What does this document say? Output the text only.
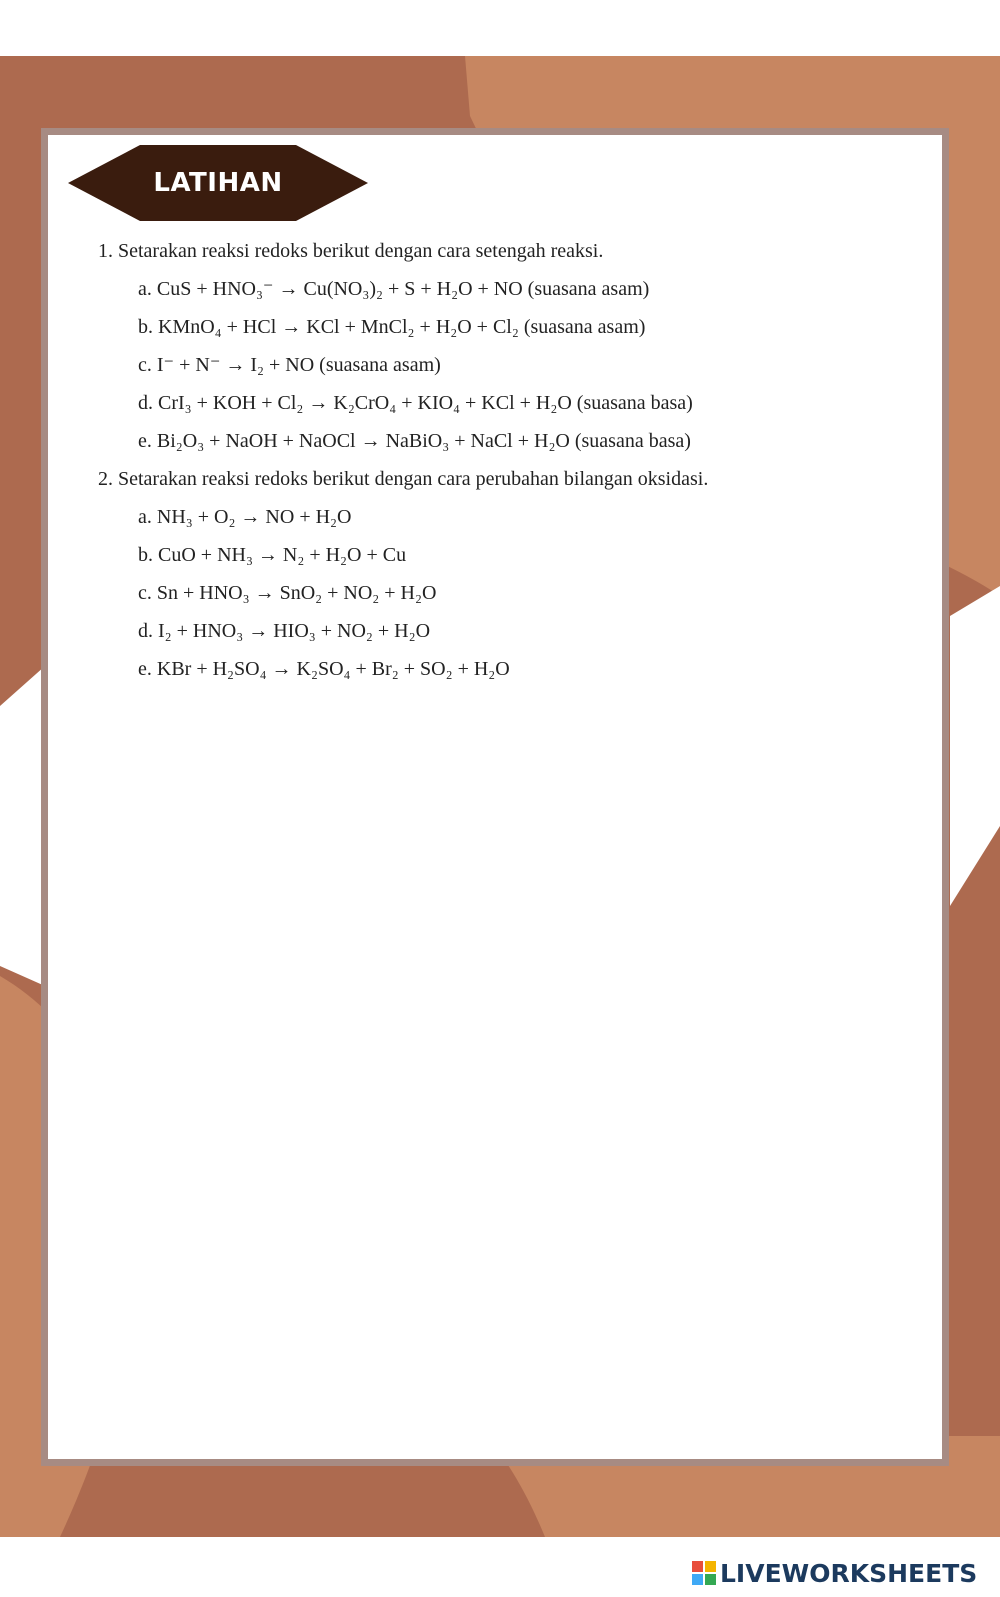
LATIHAN

1. Setarakan reaksi redoks berikut dengan cara setengah reaksi.

a. CuS + HNO₃⁻ → Cu(NO₃)₂ + S + H₂O + NO (suasana asam)
b. KMnO₄ + HCl → KCl + MnCl₂ + H₂O + Cl₂ (suasana asam)
c. I⁻ + N⁻ → I₂ + NO (suasana asam)
d. CrI₃ + KOH + Cl₂ → K₂CrO₄ + KIO₄ + KCl + H₂O (suasana basa)
e. Bi₂O₃ + NaOH + NaOCl → NaBiO₃ + NaCl + H₂O (suasana basa)

2. Setarakan reaksi redoks berikut dengan cara perubahan bilangan oksidasi.

a. NH₃ + O₂ → NO + H₂O
b. CuO + NH₃ → N₂ + H₂O + Cu
c. Sn + HNO₃ → SnO₂ + NO₂ + H₂O
d. I₂ + HNO₃ → HIO₃ + NO₂ + H₂O
e. KBr + H₂SO₄ → K₂SO₄ + Br₂ + SO₂ + H₂O
LIVEWORKSHEETS
